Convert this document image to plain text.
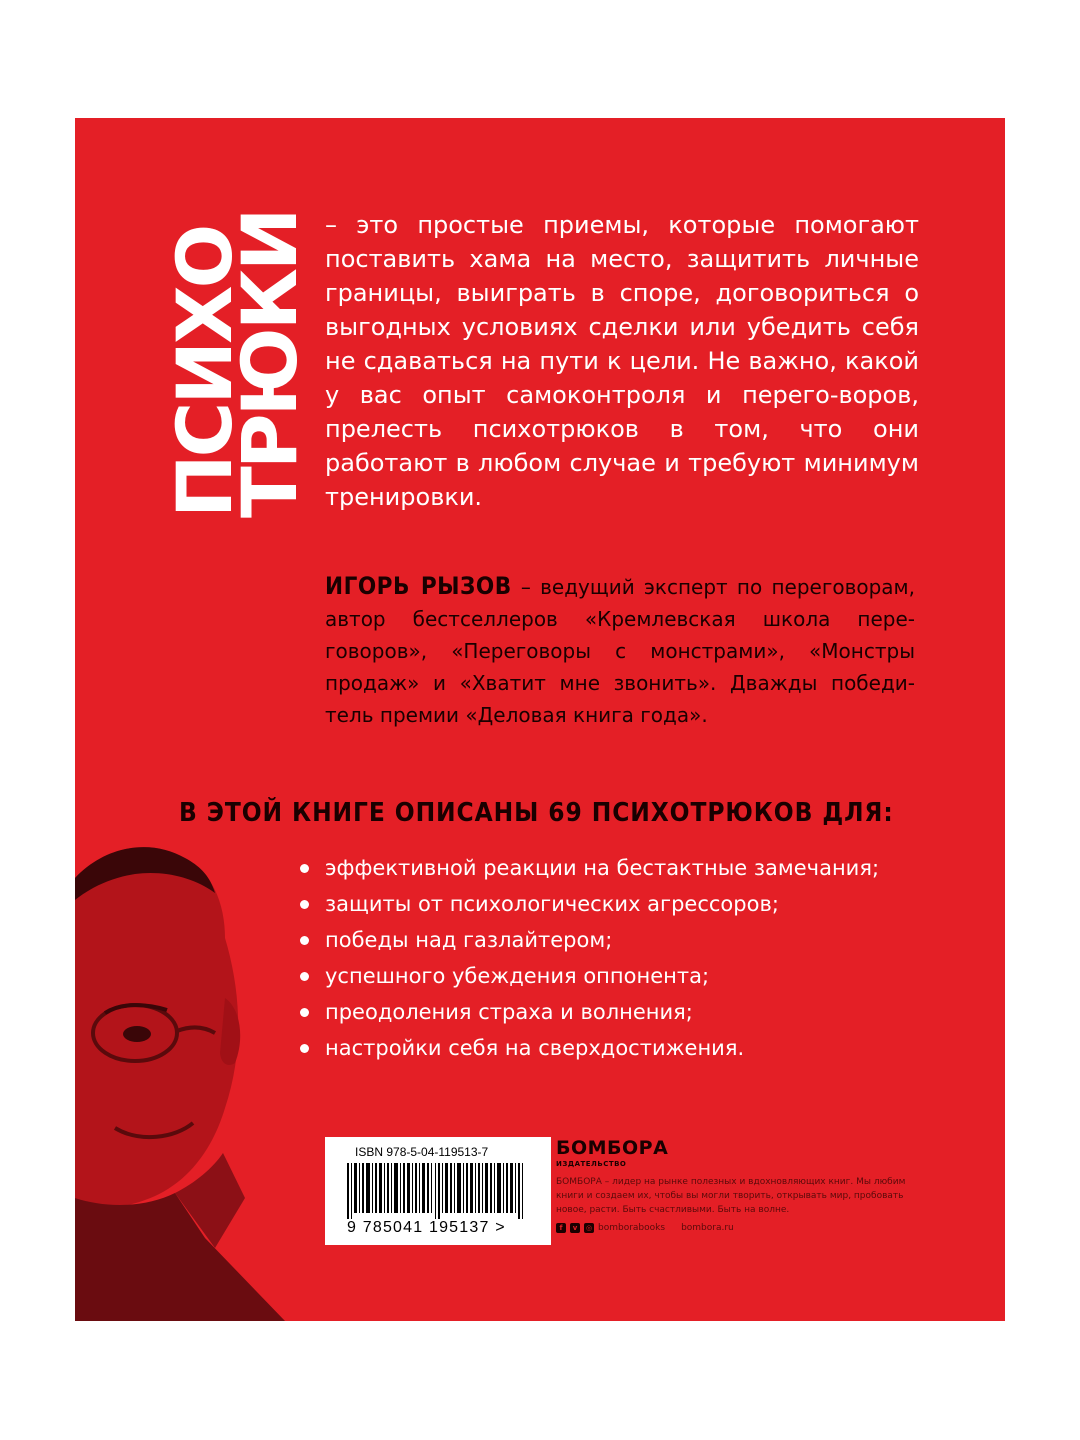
ПСИХО
ТРЮКИ – это простые приемы, которые помогают поставить хама на место, защитить личные границы, выиграть в споре, договориться о выгодных условиях сделки или убедить себя не сдаваться на пути к цели. Не важно, какой у вас опыт самоконтроля и перего-воров, прелесть психотрюков в том, что они работают в любом случае и требуют минимум тренировки.

ИГОРЬ РЫЗОВ – ведущий эксперт по переговорам, автор бестселлеров «Кремлевская школа пере-говоров», «Переговоры с монстрами», «Монстры продаж» и «Хватит мне звонить». Дважды победи-тель премии «Деловая книга года».

В ЭТОЙ КНИГЕ ОПИСАНЫ 69 ПСИХОТРЮКОВ ДЛЯ:
эффективной реакции на бестактные замечания;
защиты от психологических агрессоров;
победы над газлайтером;
успешного убеждения оппонента;
преодоления страха и волнения;
настройки себя на сверхдостижения.
ISBN 978-5-04-119513-7
9 785041 195137 >
БОМБОРА
ИЗДАТЕЛЬСТВО
БОМБОРА – лидер на рынке полезных и вдохновляющих книг. Мы любим книги и создаем их, чтобы вы могли творить, открывать мир, пробовать новое, расти. Быть счастливыми. Быть на волне.
f	v	◎ bomborabooks bombora.ru
